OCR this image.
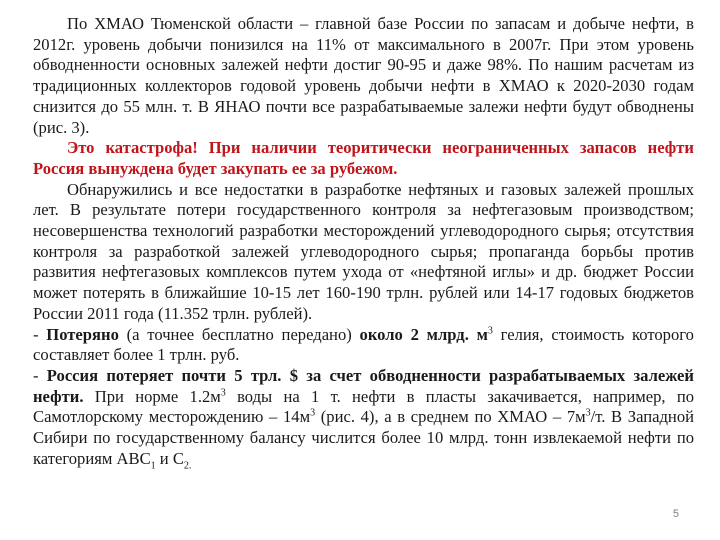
По ХМАО Тюменской области – главной базе России по запасам и добыче нефти, в 2012г. уровень добычи понизился на 11% от максимального в 2007г. При этом уровень обводненности основных залежей нефти достиг 90-95 и даже 98%. По нашим расчетам из традиционных коллекторов годовой уровень добычи нефти в ХМАО к 2020-2030 годам снизится до 55 млн. т. В ЯНАО почти все разрабатываемые залежи нефти будут обводнены (рис. 3).

Это катастрофа! При наличии теоритически неограниченных запасов нефти Россия вынуждена будет закупать ее за рубежом.

Обнаружились и все недостатки в разработке нефтяных и газовых залежей прошлых лет. В результате потери государственного контроля за нефтегазовым производством; несовершенства технологий разработки месторождений углеводородного сырья; отсутствия контроля за разработкой залежей углеводородного сырья; пропаганда борьбы против развития нефтегазовых комплексов путем ухода от «нефтяной иглы» и др. бюджет России может потерять в ближайшие 10-15 лет 160-190 трлн. рублей или 14-17 годовых бюджетов России 2011 года (11.352 трлн. рублей).

- Потеряно (а точнее бесплатно передано) около 2 млрд. $м^3$ гелия, стоимость которого составляет более 1 трлн. руб.

- Россия потеряет почти 5 трл. $ за счет обводненности разрабатываемых залежей нефти. При норме $1.2м^3$ воды на 1 т. нефти в пласты закачивается, например, по Самотлорскому месторождению – $14м^3$ (рис. 4), а в среднем по ХМАО – $7м^3/т$. В Западной Сибири по государственному балансу числится более 10 млрд. тонн извлекаемой нефти по категориям $АВС_1$ и $С_{2.}$

5
